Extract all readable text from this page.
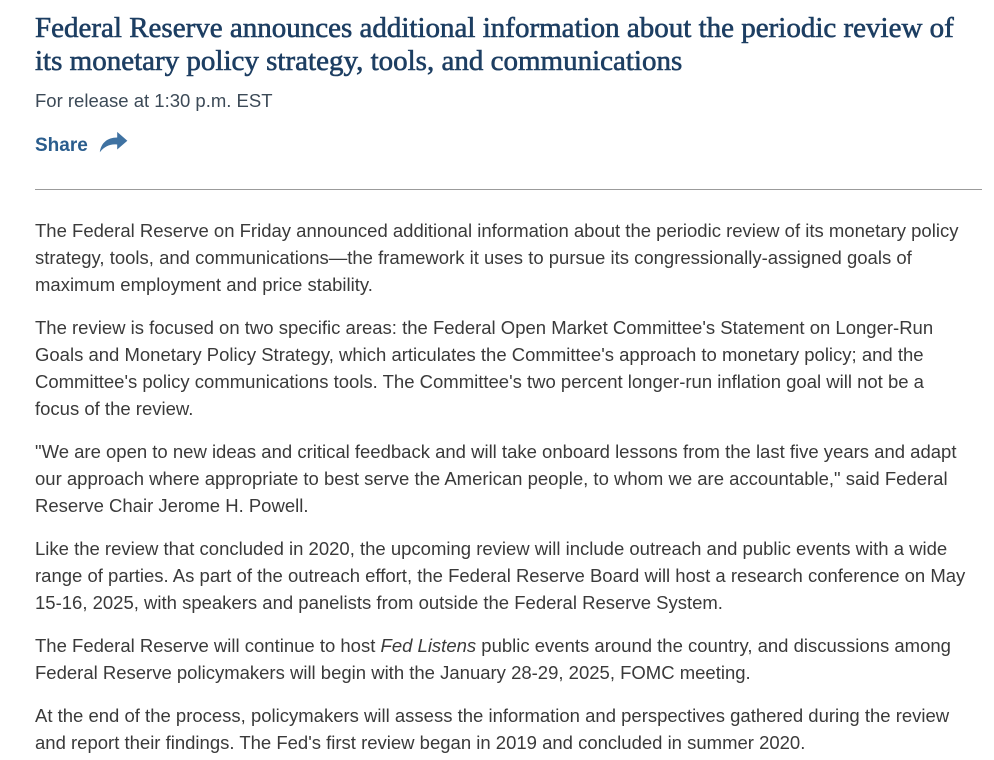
Federal Reserve announces additional information about the periodic review of its monetary policy strategy, tools, and communications

For release at 1:30 p.m. EST

Share

The Federal Reserve on Friday announced additional information about the periodic review of its monetary policy strategy, tools, and communications—the framework it uses to pursue its congressionally-assigned goals of maximum employment and price stability.

The review is focused on two specific areas: the Federal Open Market Committee's Statement on Longer-Run Goals and Monetary Policy Strategy, which articulates the Committee's approach to monetary policy; and the Committee's policy communications tools. The Committee's two percent longer-run inflation goal will not be a focus of the review.

"We are open to new ideas and critical feedback and will take onboard lessons from the last five years and adapt our approach where appropriate to best serve the American people, to whom we are accountable," said Federal Reserve Chair Jerome H. Powell.

Like the review that concluded in 2020, the upcoming review will include outreach and public events with a wide range of parties. As part of the outreach effort, the Federal Reserve Board will host a research conference on May 15-16, 2025, with speakers and panelists from outside the Federal Reserve System.

The Federal Reserve will continue to host Fed Listens public events around the country, and discussions among Federal Reserve policymakers will begin with the January 28-29, 2025, FOMC meeting.

At the end of the process, policymakers will assess the information and perspectives gathered during the review and report their findings. The Fed's first review began in 2019 and concluded in summer 2020.
